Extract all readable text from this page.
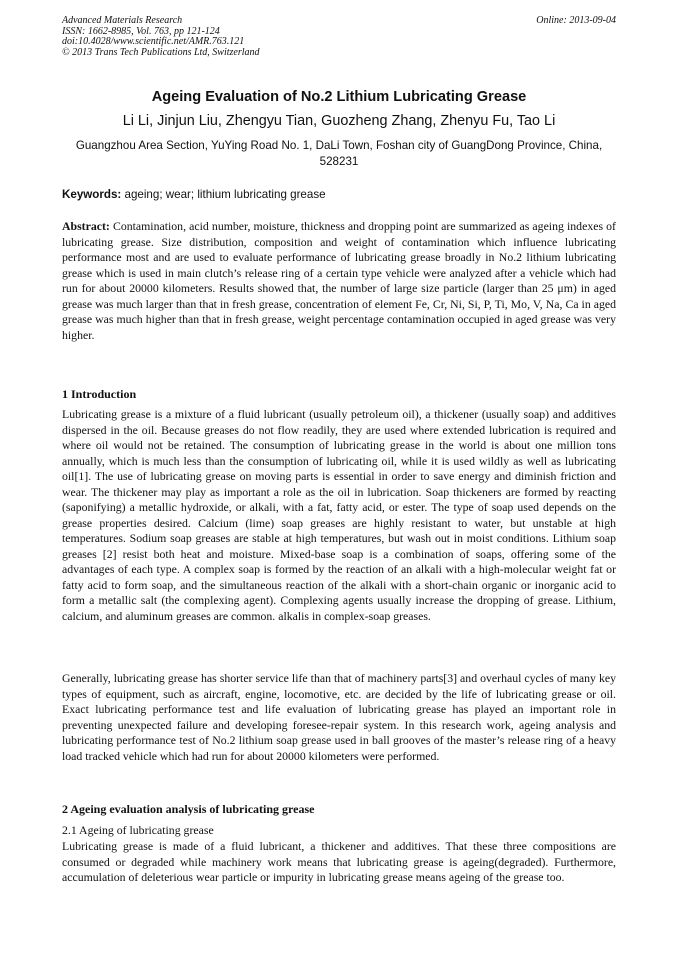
Advanced Materials Research
ISSN: 1662-8985, Vol. 763, pp 121-124
doi:10.4028/www.scientific.net/AMR.763.121
© 2013 Trans Tech Publications Ltd, Switzerland
Online: 2013-09-04
Ageing Evaluation of No.2 Lithium Lubricating Grease
Li Li, Jinjun Liu, Zhengyu Tian, Guozheng Zhang, Zhenyu Fu, Tao Li
Guangzhou Area Section, YuYing Road No. 1, DaLi Town, Foshan city of GuangDong Province, China, 528231
Keywords: ageing; wear; lithium lubricating grease
Abstract: Contamination, acid number, moisture, thickness and dropping point are summarized as ageing indexes of lubricating grease. Size distribution, composition and weight of contamination which influence lubricating performance most and are used to evaluate performance of lubricating grease broadly in No.2 lithium lubricating grease which is used in main clutch’s release ring of a certain type vehicle were analyzed after a vehicle which had run for about 20000 kilometers. Results showed that, the number of large size particle (larger than 25 μm) in aged grease was much larger than that in fresh grease, concentration of element Fe, Cr, Ni, Si, P, Ti, Mo, V, Na, Ca in aged grease was much higher than that in fresh grease, weight percentage contamination occupied in aged grease was very higher.
1 Introduction

Lubricating grease is a mixture of a fluid lubricant (usually petroleum oil), a thickener (usually soap) and additives dispersed in the oil. Because greases do not flow readily, they are used where extended lubrication is required and where oil would not be retained. The consumption of lubricating grease in the world is about one million tons annually, which is much less than the consumption of lubricating oil, while it is used wildly as well as lubricating oil[1]. The use of lubricating grease on moving parts is essential in order to save energy and diminish friction and wear. The thickener may play as important a role as the oil in lubrication. Soap thickeners are formed by reacting (saponifying) a metallic hydroxide, or alkali, with a fat, fatty acid, or ester. The type of soap used depends on the grease properties desired. Calcium (lime) soap greases are highly resistant to water, but unstable at high temperatures. Sodium soap greases are stable at high temperatures, but wash out in moist conditions. Lithium soap greases [2] resist both heat and moisture. Mixed-base soap is a combination of soaps, offering some of the advantages of each type. A complex soap is formed by the reaction of an alkali with a high-molecular weight fat or fatty acid to form soap, and the simultaneous reaction of the alkali with a short-chain organic or inorganic acid to form a metallic salt (the complexing agent). Complexing agents usually increase the dropping of grease. Lithium, calcium, and aluminum greases are common. alkalis in complex-soap greases.

Generally, lubricating grease has shorter service life than that of machinery parts[3] and overhaul cycles of many key types of equipment, such as aircraft, engine, locomotive, etc. are decided by the life of lubricating grease or oil. Exact lubricating performance test and life evaluation of lubricating grease has played an important role in preventing unexpected failure and developing foresee-repair system. In this research work, ageing analysis and lubricating performance test of No.2 lithium soap grease used in ball grooves of the master’s release ring of a heavy load tracked vehicle which had run for about 20000 kilometers were performed.

2 Ageing evaluation analysis of lubricating grease
2.1 Ageing of lubricating grease

Lubricating grease is made of a fluid lubricant, a thickener and additives. That these three compositions are consumed or degraded while machinery work means that lubricating grease is ageing(degraded). Furthermore, accumulation of deleterious wear particle or impurity in lubricating grease means ageing of the grease too.
